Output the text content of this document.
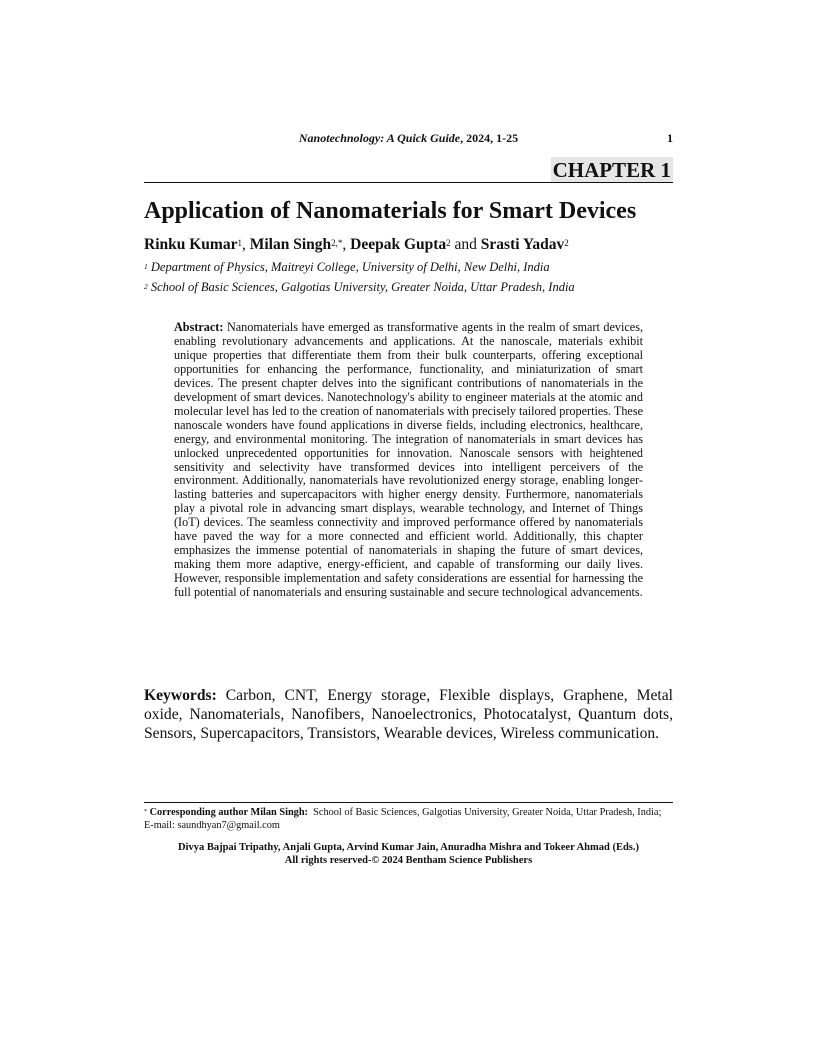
Nanotechnology: A Quick Guide, 2024, 1-25	1
CHAPTER 1
Application of Nanomaterials for Smart Devices
Rinku Kumar$^1$, Milan Singh$^{2,*}$, Deepak Gupta$^2$ and Srasti Yadav$^2$
$^1$ Department of Physics, Maitreyi College, University of Delhi, New Delhi, India
$^2$ School of Basic Sciences, Galgotias University, Greater Noida, Uttar Pradesh, India
Abstract: Nanomaterials have emerged as transformative agents in the realm of smart devices, enabling revolutionary advancements and applications. At the nanoscale, materials exhibit unique properties that differentiate them from their bulk counterparts, offering exceptional opportunities for enhancing the performance, functionality, and miniaturization of smart devices. The present chapter delves into the significant contributions of nanomaterials in the development of smart devices. Nanotechnology's ability to engineer materials at the atomic and molecular level has led to the creation of nanomaterials with precisely tailored properties. These nanoscale wonders have found applications in diverse fields, including electronics, healthcare, energy, and environmental monitoring. The integration of nanomaterials in smart devices has unlocked unprecedented opportunities for innovation. Nanoscale sensors with heightened sensitivity and selectivity have transformed devices into intelligent perceivers of the environment. Additionally, nanomaterials have revolutionized energy storage, enabling longer-lasting batteries and supercapacitors with higher energy density. Furthermore, nanomaterials play a pivotal role in advancing smart displays, wearable technology, and Internet of Things (IoT) devices. The seamless connectivity and improved performance offered by nanomaterials have paved the way for a more connected and efficient world. Additionally, this chapter emphasizes the immense potential of nanomaterials in shaping the future of smart devices, making them more adaptive, energy-efficient, and capable of transforming our daily lives. However, responsible implementation and safety considerations are essential for harnessing the full potential of nanomaterials and ensuring sustainable and secure technological advancements.
Keywords: Carbon, CNT, Energy storage, Flexible displays, Graphene, Metal oxide, Nanomaterials, Nanofibers, Nanoelectronics, Photocatalyst, Quantum dots, Sensors, Supercapacitors, Transistors, Wearable devices, Wireless communication.
* Corresponding author Milan Singh: School of Basic Sciences, Galgotias University, Greater Noida, Uttar Pradesh, India; E-mail: saundhyan7@gmail.com
Divya Bajpai Tripathy, Anjali Gupta, Arvind Kumar Jain, Anuradha Mishra and Tokeer Ahmad (Eds.)
All rights reserved-© 2024 Bentham Science Publishers
